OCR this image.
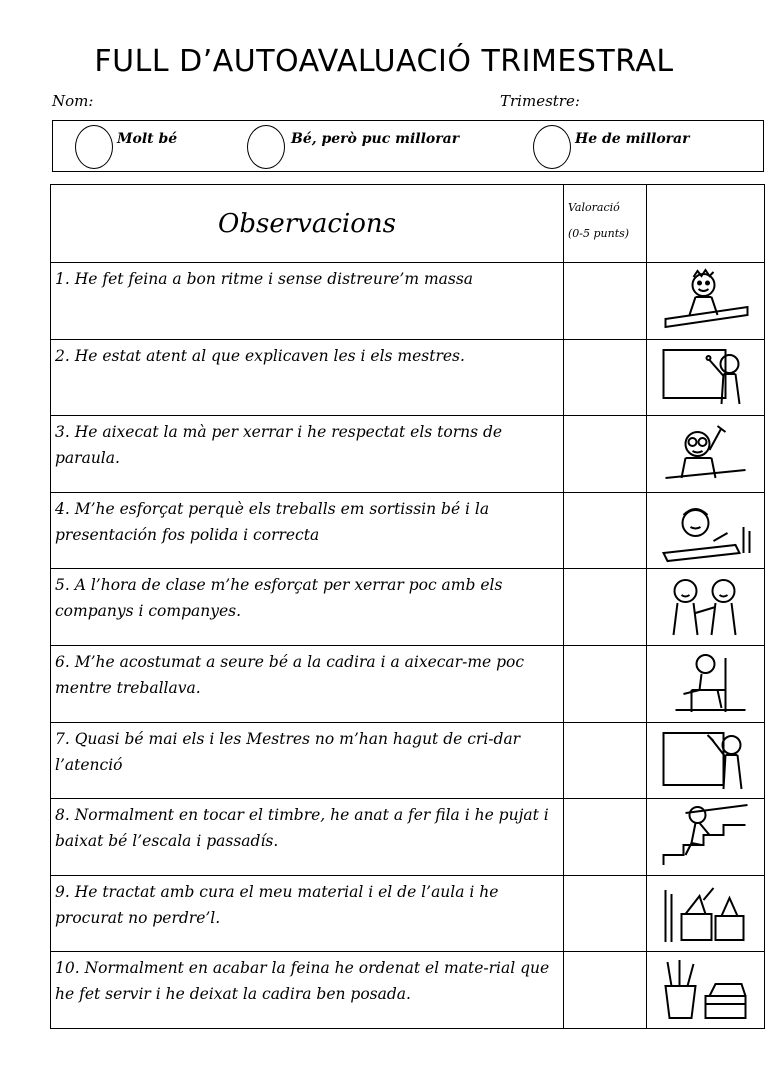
FULL D’AUTOAVALUACIÓ TRIMESTRAL
Nom:	Trimestre:
Molt bé	Bé, però puc millorar	He de millorar
Observacions	Valoració
(0-5 punts)	

1. He fet feina a bon ritme i sense distreure’m massa		

2. He estat atent al que explicaven les i els mestres.		

3. He aixecat la mà per xerrar i he respectat els torns de paraula.		

4. M’he esforçat perquè els treballs em sortissin bé i la presentación fos polida i correcta		

5. A l’hora de clase m’he esforçat per xerrar poc amb els companys i companyes.		

6. M’he acostumat a seure bé a la cadira i a aixecar-me poc mentre treballava.		

7. Quasi bé mai els i les Mestres no m’han hagut de cri-dar l’atenció		

8. Normalment en tocar el timbre, he anat a fer fila i he pujat i baixat bé l’escala i passadís.		

9. He tractat amb cura el meu material i el de l’aula i he procurat no perdre’l.		

10. Normalment en acabar la feina he ordenat el mate-rial que he fet servir i he deixat la cadira ben posada.		
